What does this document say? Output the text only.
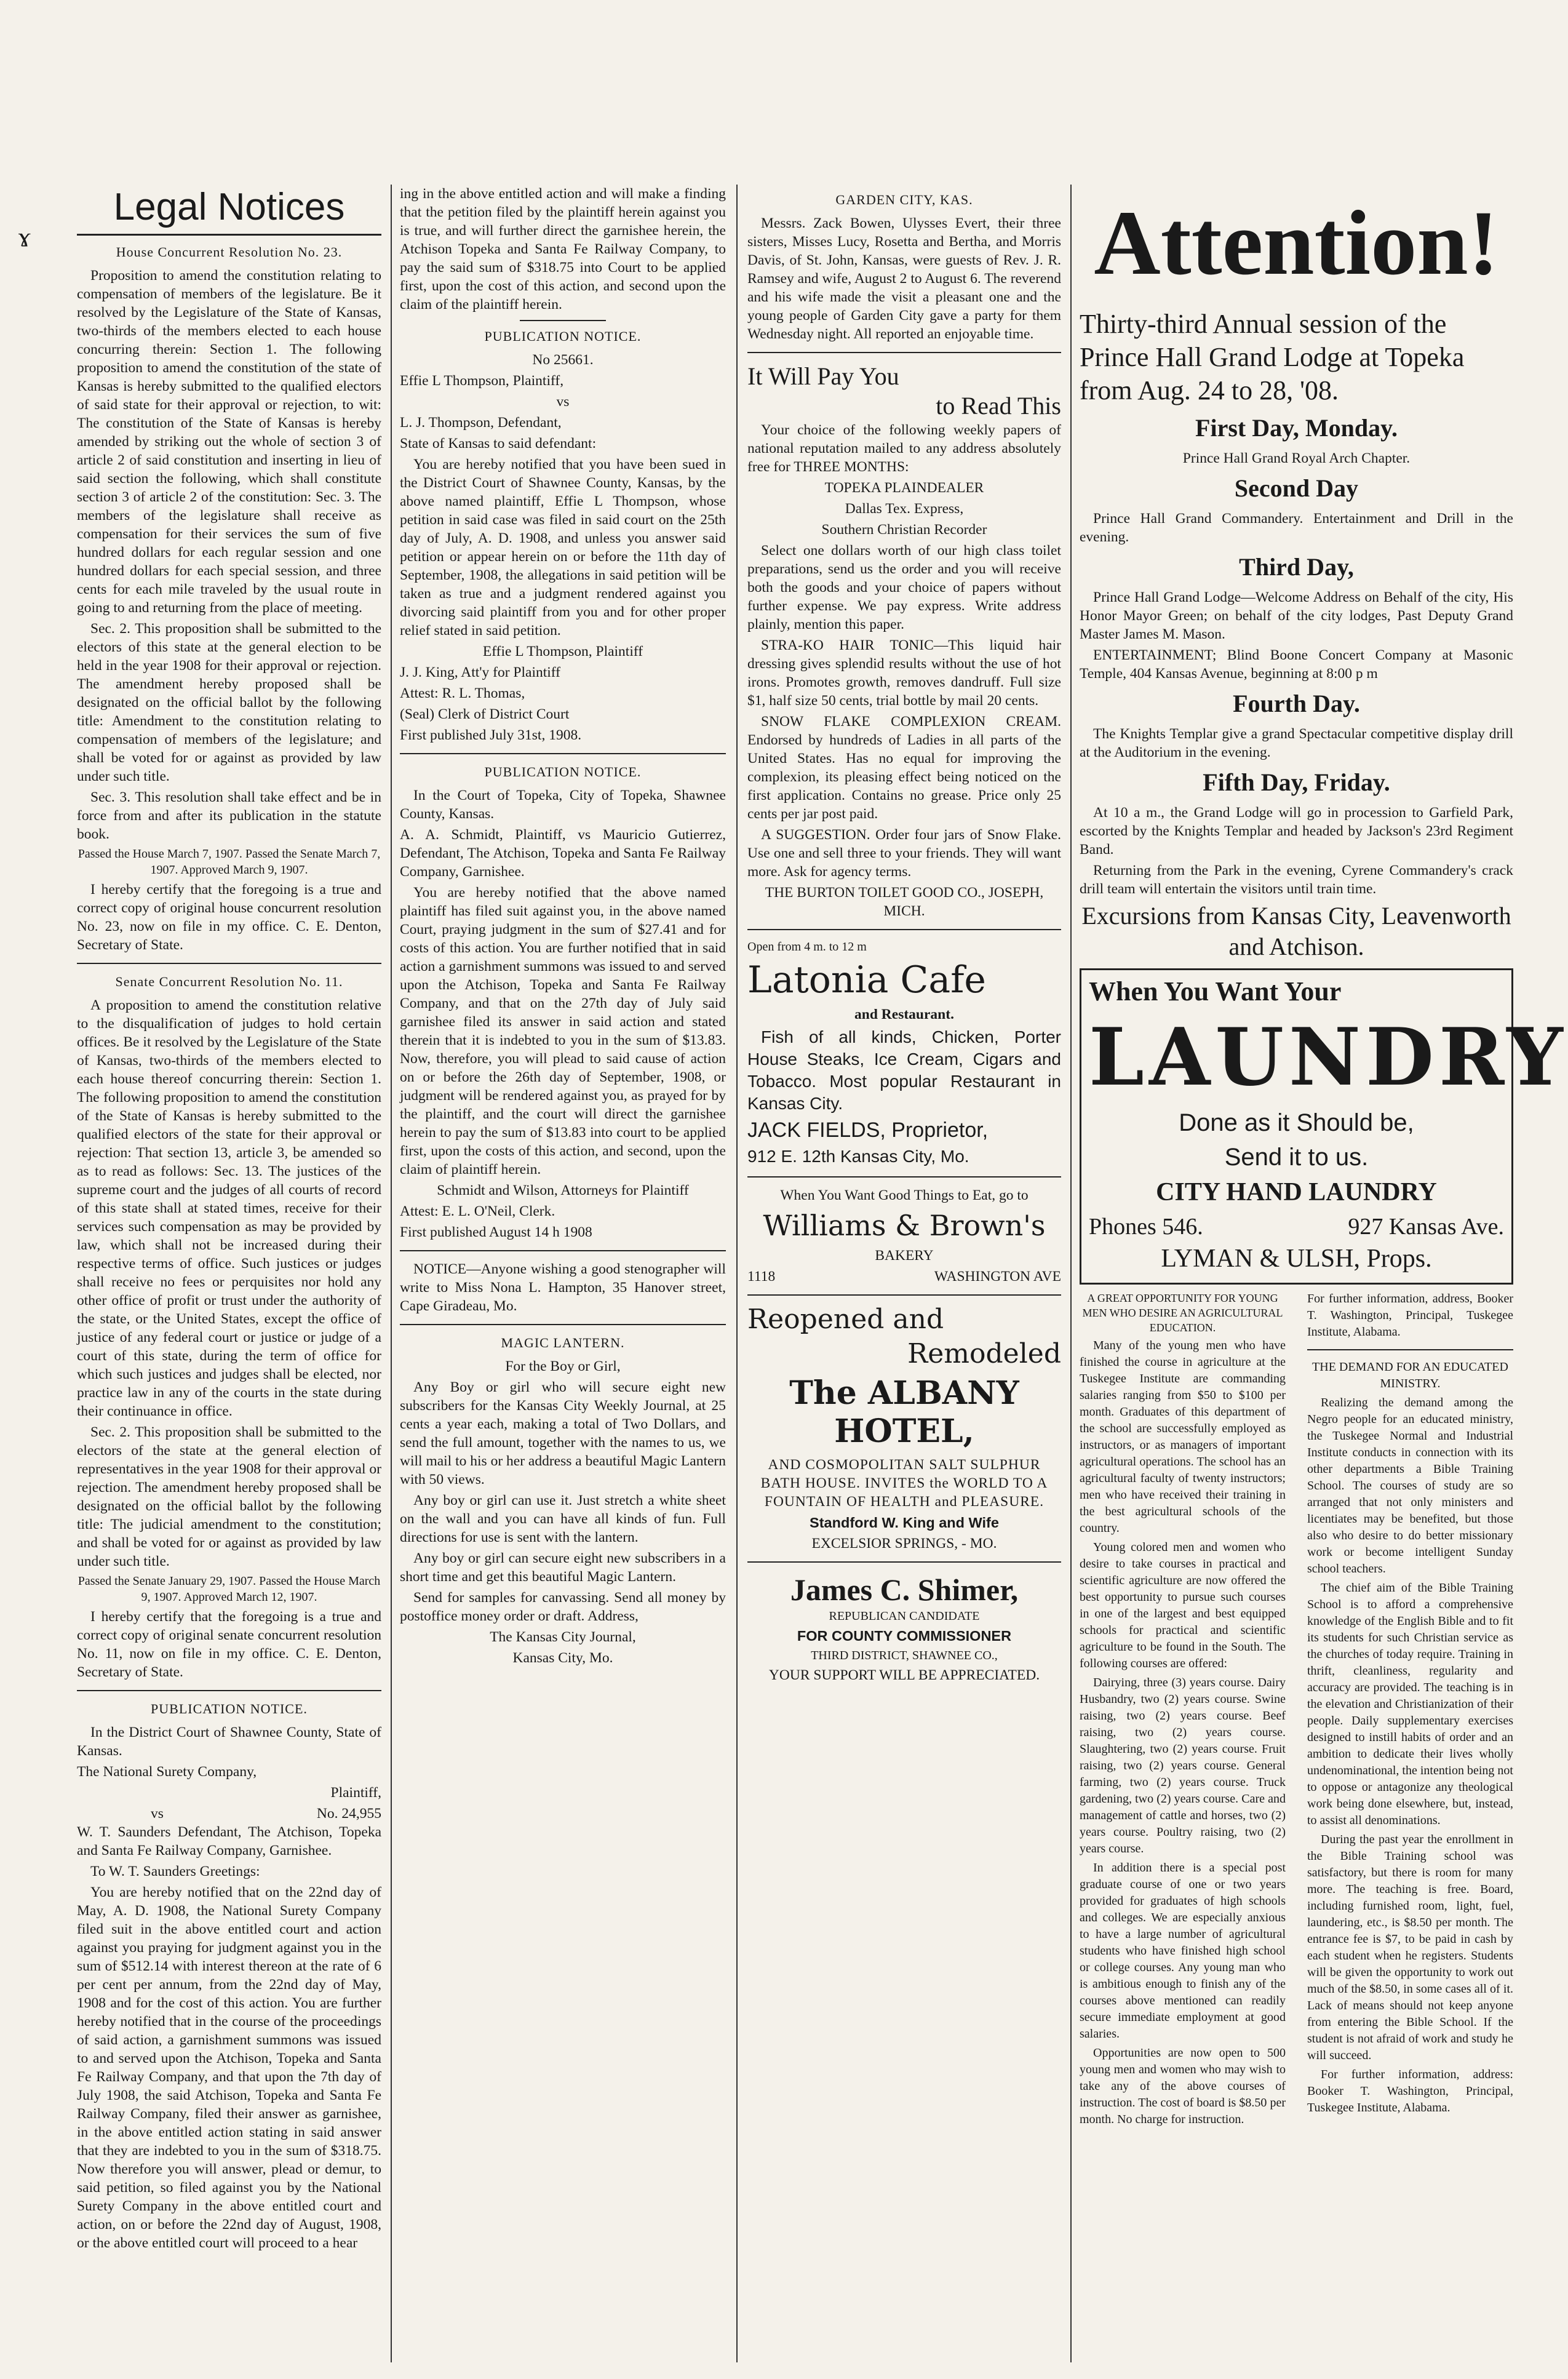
ɤ
Legal Notices
House Concurrent Resolution No. 23.

Proposition to amend the constitution relating to compensation of members of the legislature. Be it resolved by the Legislature of the State of Kansas, two-thirds of the members elected to each house concurring therein: Section 1. The following proposition to amend the constitution of the state of Kansas is hereby submitted to the qualified electors of said state for their approval or rejection, to wit: The constitution of the State of Kansas is hereby amended by striking out the whole of section 3 of article 2 of said constitution and inserting in lieu of said section the following, which shall constitute section 3 of article 2 of the constitution: Sec. 3. The members of the legislature shall receive as compensation for their services the sum of five hundred dollars for each regular session and one hundred dollars for each special session, and three cents for each mile traveled by the usual route in going to and returning from the place of meeting.

Sec. 2. This proposition shall be submitted to the electors of this state at the general election to be held in the year 1908 for their approval or rejection. The amendment hereby proposed shall be designated on the official ballot by the following title: Amendment to the constitution relating to compensation of members of the legislature; and shall be voted for or against as provided by law under such title.

Sec. 3. This resolution shall take effect and be in force from and after its publication in the statute book.

Passed the House March 7, 1907. Passed the Senate March 7, 1907. Approved March 9, 1907.

I hereby certify that the foregoing is a true and correct copy of original house concurrent resolution No. 23, now on file in my office. C. E. Denton, Secretary of State.

Senate Concurrent Resolution No. 11.

A proposition to amend the constitution relative to the disqualification of judges to hold certain offices. Be it resolved by the Legislature of the State of Kansas, two-thirds of the members elected to each house thereof concurring therein: Section 1. The following proposition to amend the constitution of the State of Kansas is hereby submitted to the qualified electors of the state for their approval or rejection: That section 13, article 3, be amended so as to read as follows: Sec. 13. The justices of the supreme court and the judges of all courts of record of this state shall at stated times, receive for their services such compensation as may be provided by law, which shall not be increased during their respective terms of office. Such justices or judges shall receive no fees or perquisites nor hold any other office of profit or trust under the authority of the state, or the United States, except the office of justice of any federal court or justice or judge of a court of this state, during the term of office for which such justices and judges shall be elected, nor practice law in any of the courts in the state during their continuance in office.

Sec. 2. This proposition shall be submitted to the electors of the state at the general election of representatives in the year 1908 for their approval or rejection. The amendment hereby proposed shall be designated on the official ballot by the following title: The judicial amendment to the constitution; and shall be voted for or against as provided by law under such title.

Passed the Senate January 29, 1907. Passed the House March 9, 1907. Approved March 12, 1907.

I hereby certify that the foregoing is a true and correct copy of original senate concurrent resolution No. 11, now on file in my office. C. E. Denton, Secretary of State.

PUBLICATION NOTICE.

In the District Court of Shawnee County, State of Kansas.

The National Surety Company,

Plaintiff,

vs	No. 24,955

W. T. Saunders Defendant, The Atchison, Topeka and Santa Fe Railway Company, Garnishee.

To W. T. Saunders Greetings:

You are hereby notified that on the 22nd day of May, A. D. 1908, the National Surety Company filed suit in the above entitled court and action against you praying for judgment against you in the sum of $512.14 with interest thereon at the rate of 6 per cent per annum, from the 22nd day of May, 1908 and for the cost of this action. You are further hereby notified that in the course of the proceedings of said action, a garnishment summons was issued to and served upon the Atchison, Topeka and Santa Fe Railway Company, and that upon the 7th day of July 1908, the said Atchison, Topeka and Santa Fe Railway Company, filed their answer as garnishee, in the above entitled action stating in said answer that they are indebted to you in the sum of $318.75. Now therefore you will answer, plead or demur, to said petition, so filed against you by the National Surety Company in the above entitled court and action, on or before the 22nd day of August, 1908, or the above entitled court will proceed to a hear

ing in the above entitled action and will make a finding that the petition filed by the plaintiff herein against you is true, and will further direct the garnishee herein, the Atchison Topeka and Santa Fe Railway Company, to pay the said sum of $318.75 into Court to be applied first, upon the cost of this action, and second upon the claim of the plaintiff herein.

PUBLICATION NOTICE.

No 25661.

Effie L Thompson, Plaintiff,

vs

L. J. Thompson, Defendant,

State of Kansas to said defendant:

You are hereby notified that you have been sued in the District Court of Shawnee County, Kansas, by the above named plaintiff, Effie L Thompson, whose petition in said case was filed in said court on the 25th day of July, A. D. 1908, and unless you answer said petition or appear herein on or before the 11th day of September, 1908, the allegations in said petition will be taken as true and a judgment rendered against you divorcing said plaintiff from you and for other proper relief stated in said petition.

Effie L Thompson, Plaintiff

J. J. King, Att'y for Plaintiff

Attest: R. L. Thomas,

(Seal) Clerk of District Court

First published July 31st, 1908.

PUBLICATION NOTICE.

In the Court of Topeka, City of Topeka, Shawnee County, Kansas.

A. A. Schmidt, Plaintiff, vs Mauricio Gutierrez, Defendant, The Atchison, Topeka and Santa Fe Railway Company, Garnishee.

You are hereby notified that the above named plaintiff has filed suit against you, in the above named Court, praying judgment in the sum of $27.41 and for costs of this action. You are further notified that in said action a garnishment summons was issued to and served upon the Atchison, Topeka and Santa Fe Railway Company, and that on the 27th day of July said garnishee filed its answer in said action and stated therein that it is indebted to you in the sum of $13.83. Now, therefore, you will plead to said cause of action on or before the 26th day of September, 1908, or judgment will be rendered against you, as prayed for by the plaintiff, and the court will direct the garnishee herein to pay the sum of $13.83 into court to be applied first, upon the costs of this action, and second, upon the claim of plaintiff herein.

Schmidt and Wilson, Attorneys for Plaintiff

Attest: E. L. O'Neil, Clerk.

First published August 14 h 1908

NOTICE—Anyone wishing a good stenographer will write to Miss Nona L. Hampton, 35 Hanover street, Cape Giradeau, Mo.

MAGIC LANTERN.

For the Boy or Girl,

Any Boy or girl who will secure eight new subscribers for the Kansas City Weekly Journal, at 25 cents a year each, making a total of Two Dollars, and send the full amount, together with the names to us, we will mail to his or her address a beautiful Magic Lantern with 50 views.

Any boy or girl can use it. Just stretch a white sheet on the wall and you can have all kinds of fun. Full directions for use is sent with the lantern.

Any boy or girl can secure eight new subscribers in a short time and get this beautiful Magic Lantern.

Send for samples for canvassing. Send all money by postoffice money order or draft. Address,

The Kansas City Journal,

Kansas City, Mo.

GARDEN CITY, KAS.

Messrs. Zack Bowen, Ulysses Evert, their three sisters, Misses Lucy, Rosetta and Bertha, and Morris Davis, of St. John, Kansas, were guests of Rev. J. R. Ramsey and wife, August 2 to August 6. The reverend and his wife made the visit a pleasant one and the young people of Garden City gave a party for them Wednesday night. All reported an enjoyable time.

It Will Pay You
to Read This

Your choice of the following weekly papers of national reputation mailed to any address absolutely free for THREE MONTHS:

TOPEKA PLAINDEALER

Dallas Tex. Express,

Southern Christian Recorder

Select one dollars worth of our high class toilet preparations, send us the order and you will receive both the goods and your choice of papers without further expense. We pay express. Write address plainly, mention this paper.

STRA-KO HAIR TONIC—This liquid hair dressing gives splendid results without the use of hot irons. Promotes growth, removes dandruff. Full size $1, half size 50 cents, trial bottle by mail 20 cents.

SNOW FLAKE COMPLEXION CREAM. Endorsed by hundreds of Ladies in all parts of the United States. Has no equal for improving the complexion, its pleasing effect being noticed on the first application. Contains no grease. Price only 25 cents per jar post paid.

A SUGGESTION. Order four jars of Snow Flake. Use one and sell three to your friends. They will want more. Ask for agency terms.

THE BURTON TOILET GOOD CO., JOSEPH, MICH.

Open from 4 m. to 12 m

Latonia Cafe

and Restaurant.

Fish of all kinds, Chicken, Porter House Steaks, Ice Cream, Cigars and Tobacco. Most popular Restaurant in Kansas City.

JACK FIELDS, Proprietor,

912 E. 12th Kansas City, Mo.

When You Want Good Things to Eat, go to

Williams & Brown's

BAKERY

1118	WASHINGTON AVE
Reopened and
Remodeled
The ALBANY HOTEL,

AND COSMOPOLITAN SALT SULPHUR BATH HOUSE. INVITES the WORLD TO A FOUNTAIN OF HEALTH and PLEASURE.

Standford W. King and Wife

EXCELSIOR SPRINGS, - MO.

James C. Shimer,

REPUBLICAN CANDIDATE

FOR COUNTY COMMISSIONER

THIRD DISTRICT, SHAWNEE CO.,

YOUR SUPPORT WILL BE APPRECIATED.

Attention!

Thirty-third Annual session of the Prince Hall Grand Lodge at Topeka from Aug. 24 to 28, '08.

First Day, Monday.

Prince Hall Grand Royal Arch Chapter.

Second Day

Prince Hall Grand Commandery. Entertainment and Drill in the evening.

Third Day,

Prince Hall Grand Lodge—Welcome Address on Behalf of the city, His Honor Mayor Green; on behalf of the city lodges, Past Deputy Grand Master James M. Mason.

ENTERTAINMENT; Blind Boone Concert Company at Masonic Temple, 404 Kansas Avenue, beginning at 8:00 p m

Fourth Day.

The Knights Templar give a grand Spectacular competitive display drill at the Auditorium in the evening.

Fifth Day, Friday.

At 10 a m., the Grand Lodge will go in procession to Garfield Park, escorted by the Knights Templar and headed by Jackson's 23rd Regiment Band.

Returning from the Park in the evening, Cyrene Commandery's crack drill team will entertain the visitors until train time.

Excursions from Kansas City, Leavenworth and Atchison.

When You Want Your

LAUNDRY

Done as it Should be,

Send it to us.

CITY HAND LAUNDRY

Phones 546.	927 Kansas Ave.

LYMAN & ULSH, Props.

A GREAT OPPORTUNITY FOR YOUNG MEN WHO DESIRE AN AGRICULTURAL EDUCATION.

Many of the young men who have finished the course in agriculture at the Tuskegee Institute are commanding salaries ranging from $50 to $100 per month. Graduates of this department of the school are successfully employed as instructors, or as managers of important agricultural operations. The school has an agricultural faculty of twenty instructors; men who have received their training in the best agricultural schools of the country.

Young colored men and women who desire to take courses in practical and scientific agriculture are now offered the best opportunity to pursue such courses in one of the largest and best equipped schools for practical and scientific agriculture to be found in the South. The following courses are offered:

Dairying, three (3) years course. Dairy Husbandry, two (2) years course. Swine raising, two (2) years course. Beef raising, two (2) years course. Slaughtering, two (2) years course. Fruit raising, two (2) years course. General farming, two (2) years course. Truck gardening, two (2) years course. Care and management of cattle and horses, two (2) years course. Poultry raising, two (2) years course.

In addition there is a special post graduate course of one or two years provided for graduates of high schools and colleges. We are especially anxious to have a large number of agricultural students who have finished high school or college courses. Any young man who is ambitious enough to finish any of the courses above mentioned can readily secure immediate employment at good salaries.

Opportunities are now open to 500 young men and women who may wish to take any of the above courses of instruction. The cost of board is $8.50 per month. No charge for instruction.

For further information, address, Booker T. Washington, Principal, Tuskegee Institute, Alabama.

THE DEMAND FOR AN EDUCATED MINISTRY.

Realizing the demand among the Negro people for an educated ministry, the Tuskegee Normal and Industrial Institute conducts in connection with its other departments a Bible Training School. The courses of study are so arranged that not only ministers and licentiates may be benefited, but those also who desire to do better missionary work or become intelligent Sunday school teachers.

The chief aim of the Bible Training School is to afford a comprehensive knowledge of the English Bible and to fit its students for such Christian service as the churches of today require. Training in thrift, cleanliness, regularity and accuracy are provided. The teaching is in the elevation and Christianization of their people. Daily supplementary exercises designed to instill habits of order and an ambition to dedicate their lives wholly undenominational, the intention being not to oppose or antagonize any theological work being done elsewhere, but, instead, to assist all denominations.

During the past year the enrollment in the Bible Training school was satisfactory, but there is room for many more. The teaching is free. Board, including furnished room, light, fuel, laundering, etc., is $8.50 per month. The entrance fee is $7, to be paid in cash by each student when he registers. Students will be given the opportunity to work out much of the $8.50, in some cases all of it. Lack of means should not keep anyone from entering the Bible School. If the student is not afraid of work and study he will succeed.

For further information, address: Booker T. Washington, Principal, Tuskegee Institute, Alabama.
